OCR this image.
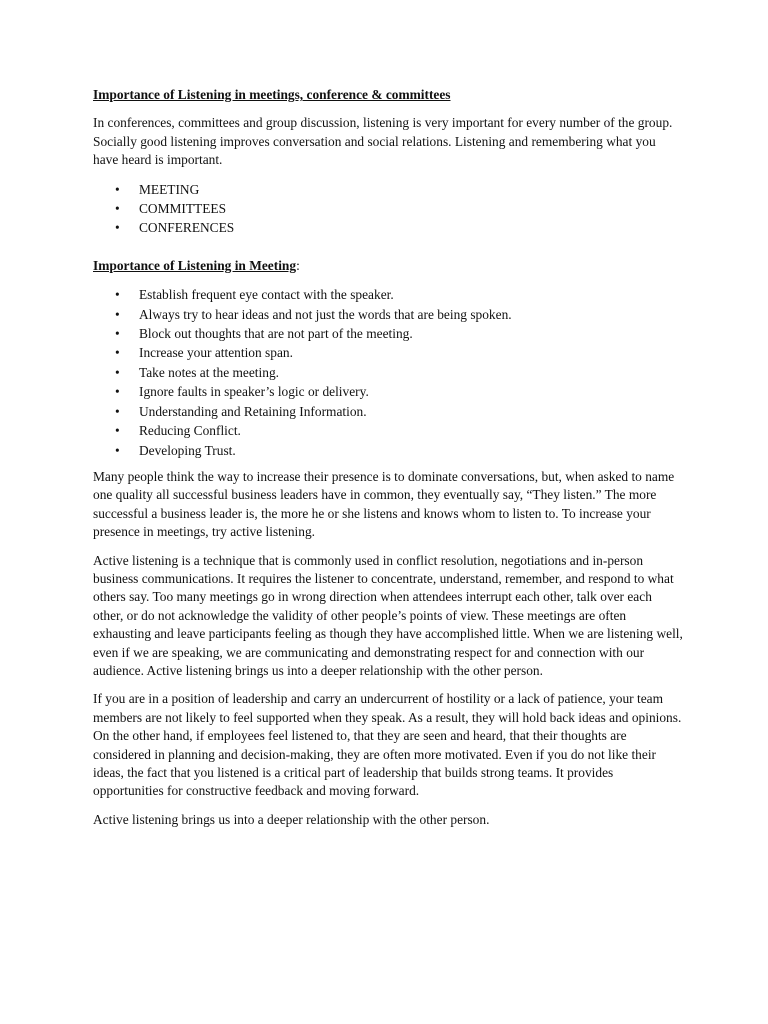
Importance of Listening in meetings, conference & committees

In conferences, committees and group discussion, listening is very important for every number of the group. Socially good listening improves conversation and social relations. Listening and remembering what you have heard is important.

• MEETING
• COMMITTEES
• CONFERENCES

Importance of Listening in Meeting:

• Establish frequent eye contact with the speaker.
• Always try to hear ideas and not just the words that are being spoken.
• Block out thoughts that are not part of the meeting.
• Increase your attention span.
• Take notes at the meeting.
• Ignore faults in speaker’s logic or delivery.
• Understanding and Retaining Information.
• Reducing Conflict.
• Developing Trust.

Many people think the way to increase their presence is to dominate conversations, but, when asked to name one quality all successful business leaders have in common, they eventually say, “They listen.” The more successful a business leader is, the more he or she listens and knows whom to listen to. To increase your presence in meetings, try active listening.

Active listening is a technique that is commonly used in conflict resolution, negotiations and in-person business communications. It requires the listener to concentrate, understand, remember, and respond to what others say. Too many meetings go in wrong direction when attendees interrupt each other, talk over each other, or do not acknowledge the validity of other people’s points of view. These meetings are often exhausting and leave participants feeling as though they have accomplished little. When we are listening well, even if we are speaking, we are communicating and demonstrating respect for and connection with our audience. Active listening brings us into a deeper relationship with the other person.

If you are in a position of leadership and carry an undercurrent of hostility or a lack of patience, your team members are not likely to feel supported when they speak. As a result, they will hold back ideas and opinions. On the other hand, if employees feel listened to, that they are seen and heard, that their thoughts are considered in planning and decision-making, they are often more motivated. Even if you do not like their ideas, the fact that you listened is a critical part of leadership that builds strong teams. It provides opportunities for constructive feedback and moving forward.

Active listening brings us into a deeper relationship with the other person.
